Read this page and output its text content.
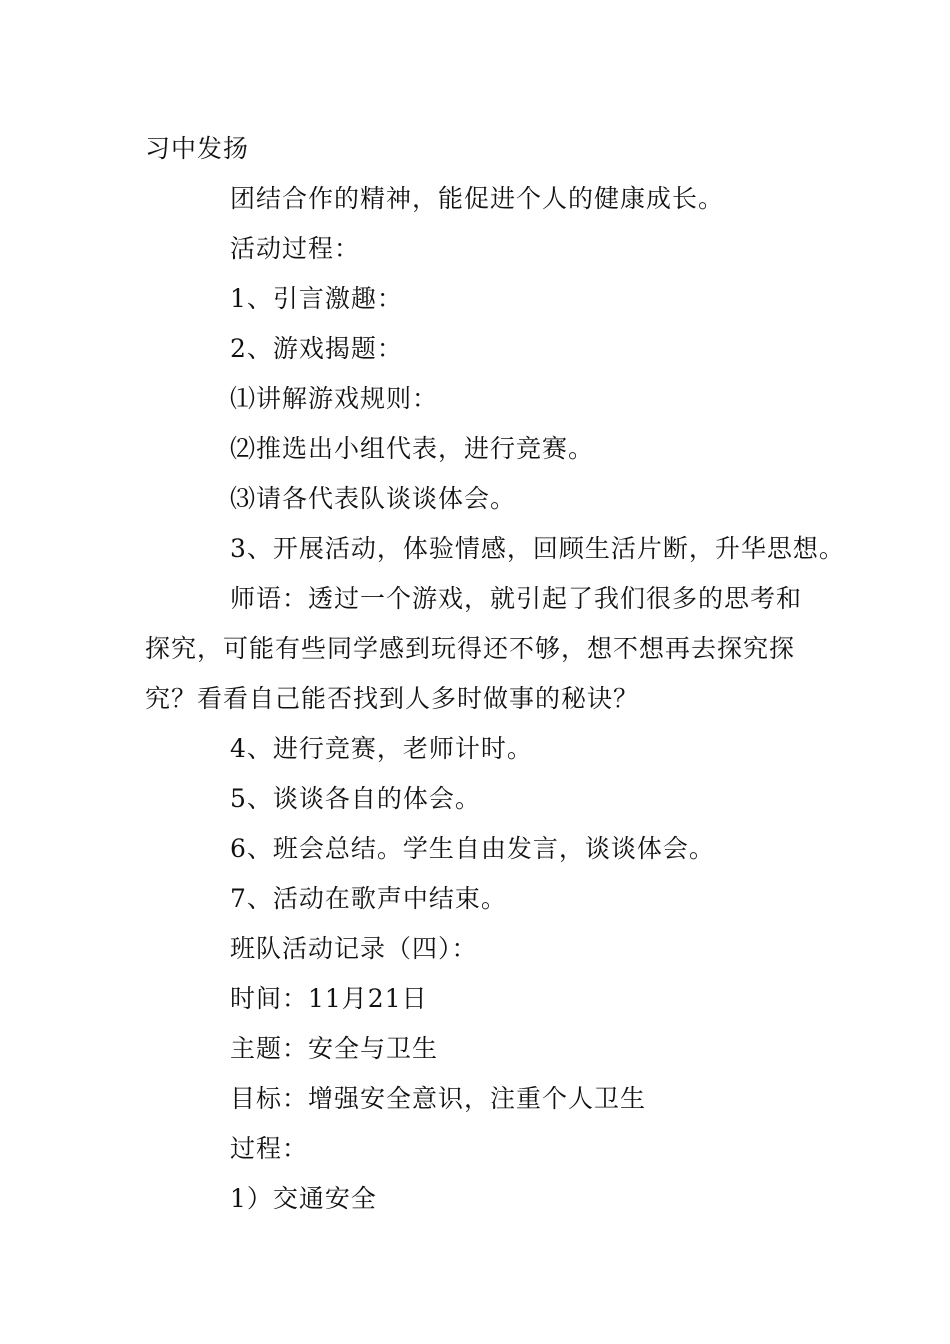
习中发扬
团结合作的精神，能促进个人的健康成长。
活动过程：
1、引言激趣：
2、游戏揭题：
⑴讲解游戏规则：
⑵推选出小组代表，进行竞赛。
⑶请各代表队谈谈体会。
3、开展活动，体验情感，回顾生活片断，升华思想。
师语：透过一个游戏，就引起了我们很多的思考和
探究，可能有些同学感到玩得还不够，想不想再去探究探
究？看看自己能否找到人多时做事的秘诀？
4、进行竞赛，老师计时。
5、谈谈各自的体会。
6、班会总结。学生自由发言，谈谈体会。
7、活动在歌声中结束。
班队活动记录（四）：
时间：11月21日
主题：安全与卫生
目标：增强安全意识，注重个人卫生
过程：
1）交通安全
